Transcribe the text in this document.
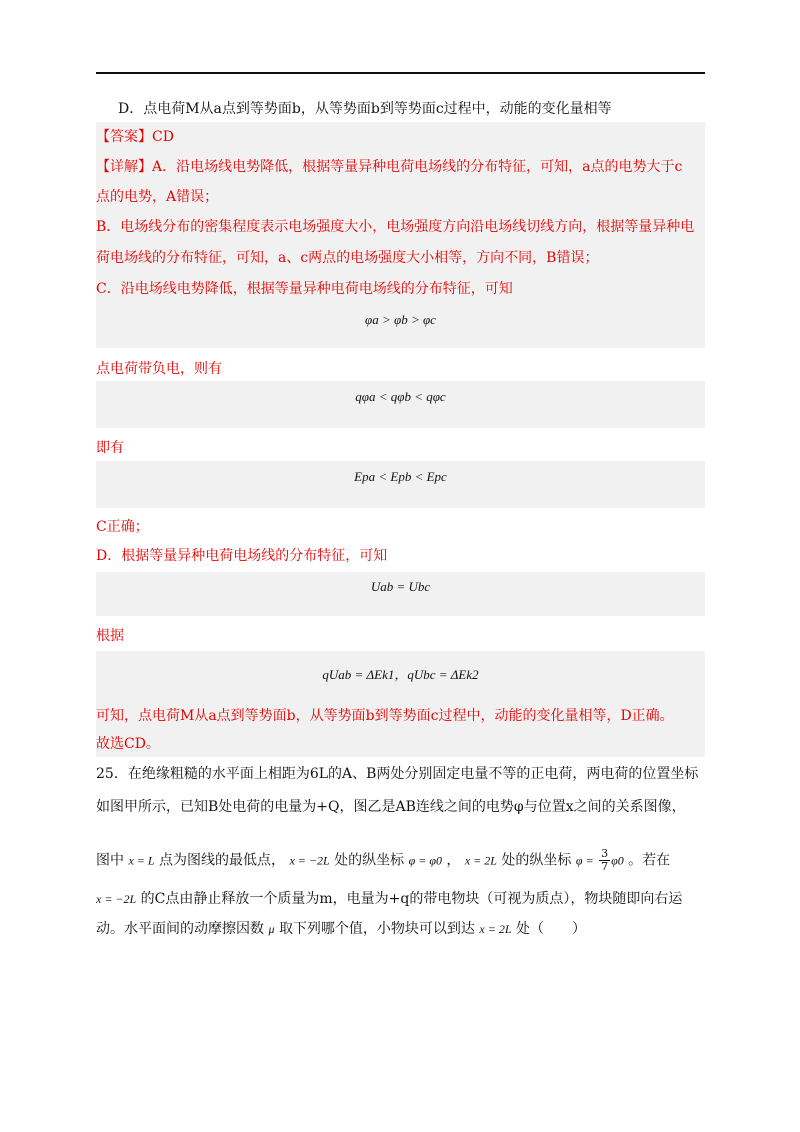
D．点电荷M从a点到等势面b，从等势面b到等势面c过程中，动能的变化量相等
【答案】CD
【详解】A．沿电场线电势降低，根据等量异种电荷电场线的分布特征，可知，a点的电势大于c
点的电势，A错误；
B．电场线分布的密集程度表示电场强度大小，电场强度方向沿电场线切线方向，根据等量异种电
荷电场线的分布特征，可知，a、c两点的电场强度大小相等，方向不同，B错误；
C．沿电场线电势降低，根据等量异种电荷电场线的分布特征，可知
φa > φb > φc
点电荷带负电，则有
qφa < qφb < qφc
即有
Epa < Epb < Epc
C正确；
D．根据等量异种电荷电场线的分布特征，可知
Uab = Ubc
根据
qUab = ΔEk1，qUbc = ΔEk2
可知，点电荷M从a点到等势面b，从等势面b到等势面c过程中，动能的变化量相等，D正确。
故选CD。
25．在绝缘粗糙的水平面上相距为6L的A、B两处分别固定电量不等的正电荷，两电荷的位置坐标
如图甲所示，已知B处电荷的电量为+Q，图乙是AB连线之间的电势φ与位置x之间的关系图像，
图中 x = L 点为图线的最低点， x = −2L 处的纵坐标 φ = φ0 ， x = 2L 处的纵坐标 $\varphi = \frac{3}{7} \varphi 0$ 。若在
x = −2L 的C点由静止释放一个质量为m，电量为+q的带电物块（可视为质点），物块随即向右运
动。水平面间的动摩擦因数 μ 取下列哪个值，小物块可以到达 x = 2L 处（　　）
